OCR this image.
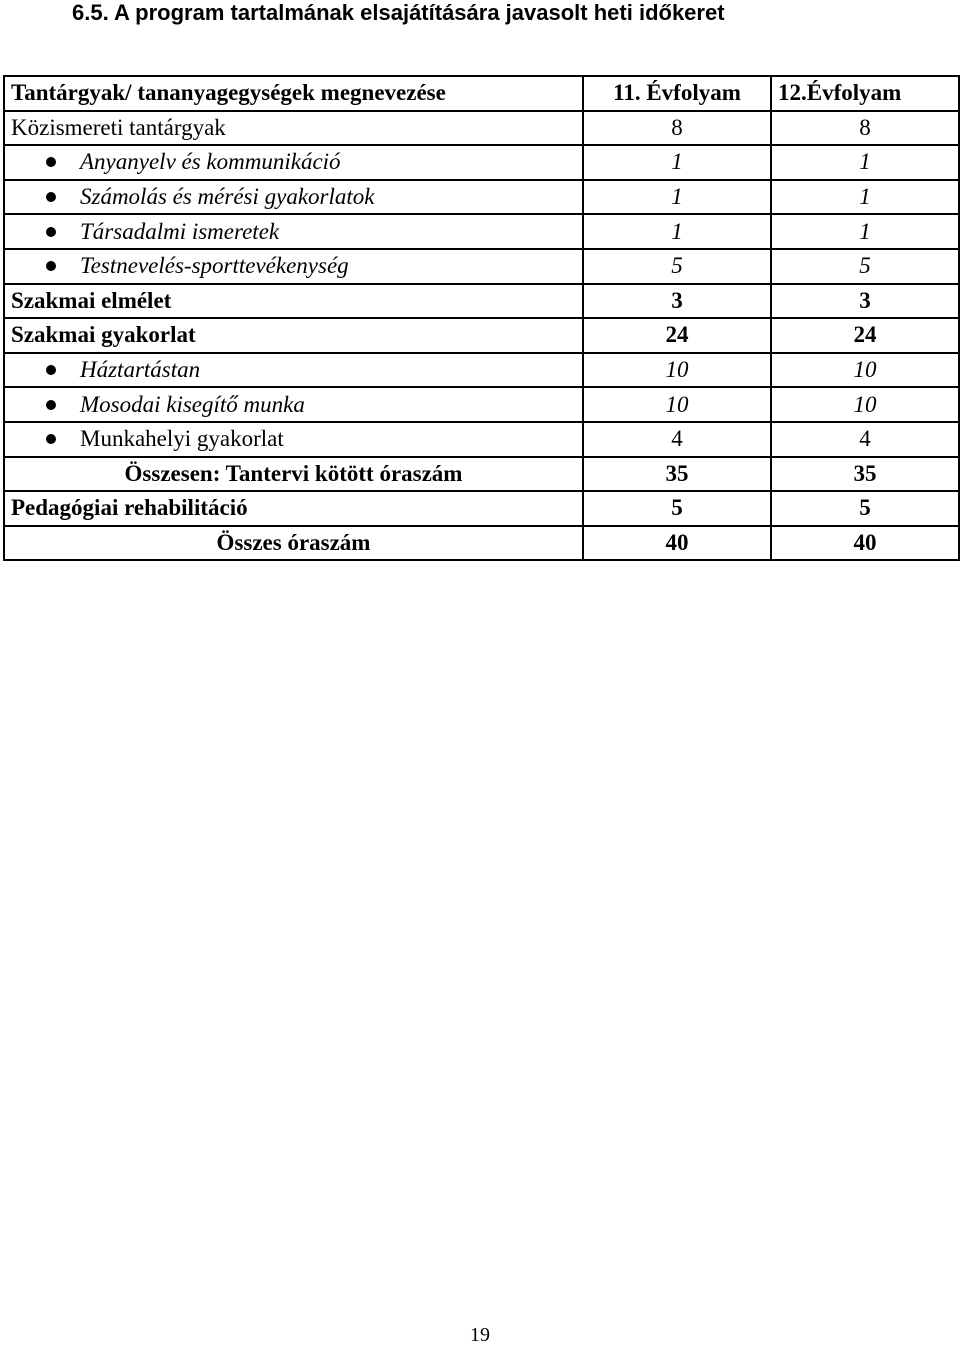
6.5. A program tartalmának elsajátítására javasolt heti időkeret
Tantárgyak/ tananyagegységek megnevezése	11. Évfolyam	12.Évfolyam
Közismereti tantárgyak	8	8

Anyanyelv és kommunikáció	1	1

Számolás és mérési gyakorlatok	1	1

Társadalmi ismeretek	1	1

Testnevelés-sporttevékenység	5	5
Szakmai elmélet	3	3
Szakmai gyakorlat	24	24

Háztartástan	10	10

Mosodai kisegítő munka	10	10

Munkahelyi gyakorlat	4	4
Összesen: Tantervi kötött óraszám	35	35
Pedagógiai rehabilitáció	5	5
Összes óraszám	40	40
19
